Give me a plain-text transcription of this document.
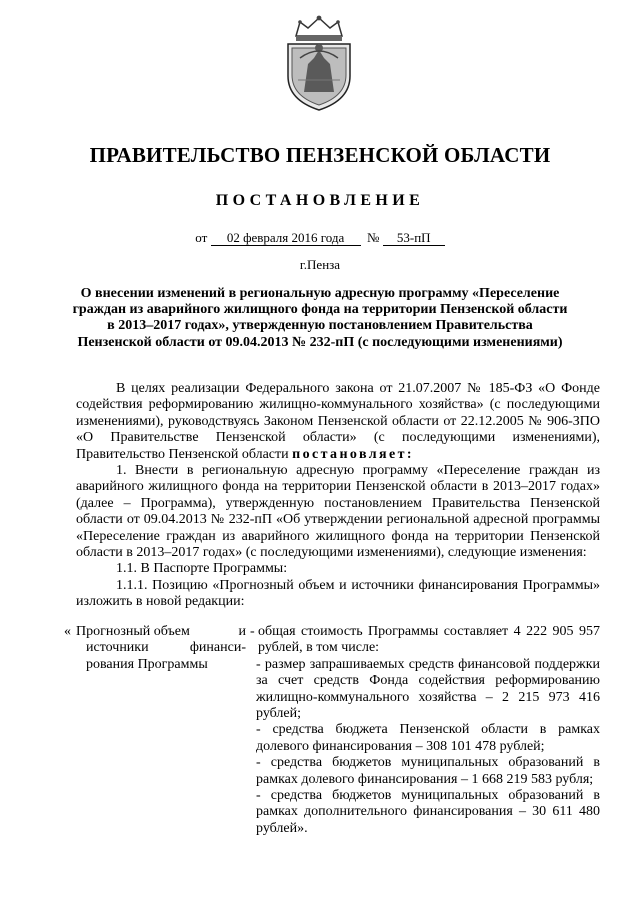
ПРАВИТЕЛЬСТВО ПЕНЗЕНСКОЙ ОБЛАСТИ
ПОСТАНОВЛЕНИЕ
от 02 февраля 2016 года № 53-пП
г.Пенза
О внесении изменений в региональную адресную программу «Переселение граждан из аварийного жилищного фонда на территории Пензенской области в 2013–2017 годах», утвержденную постановлением Правительства Пензенской области от 09.04.2013 № 232-пП (с последующими изменениями)

В целях реализации Федерального закона от 21.07.2007 № 185-ФЗ «О Фонде содействия реформированию жилищно-коммунального хозяйства» (с последующими изменениями), руководствуясь Законом Пензенской области от 22.12.2005 № 906-ЗПО «О Правительстве Пензенской области» (с последующими изменениями), Правительство Пензенской области постановляет:

1. Внести в региональную адресную программу «Переселение граждан из аварийного жилищного фонда на территории Пензенской области в 2013–2017 годах» (далее – Программа), утвержденную постановлением Правительства Пензенской области от 09.04.2013 № 232-пП «Об утверждении региональной адресной программы «Переселение граждан из аварийного жилищного фонда на территории Пензенской области в 2013–2017 годах» (с последующими изменениями), следующие изменения:

1.1. В Паспорте Программы:

1.1.1. Позицию «Прогнозный объем и источники финансирования Программы» изложить в новой редакции:

« Прогнозный объем	и
источники	финанси-
рования Программы
- общая стоимость Программы составляет 4 222 905 957 рублей, в том числе:

- размер запрашиваемых средств финансовой поддержки за счет средств Фонда содействия реформированию жилищно-коммунального хозяйства – 2 215 973 416 рублей;

- средства бюджета Пензенской области в рамках долевого финансирования – 308 101 478 рублей;

- средства бюджетов муниципальных образований в рамках долевого финансирования – 1 668 219 583 рубля;

- средства бюджетов муниципальных образований в рамках дополнительного финансирования – 30 611 480 рублей».
